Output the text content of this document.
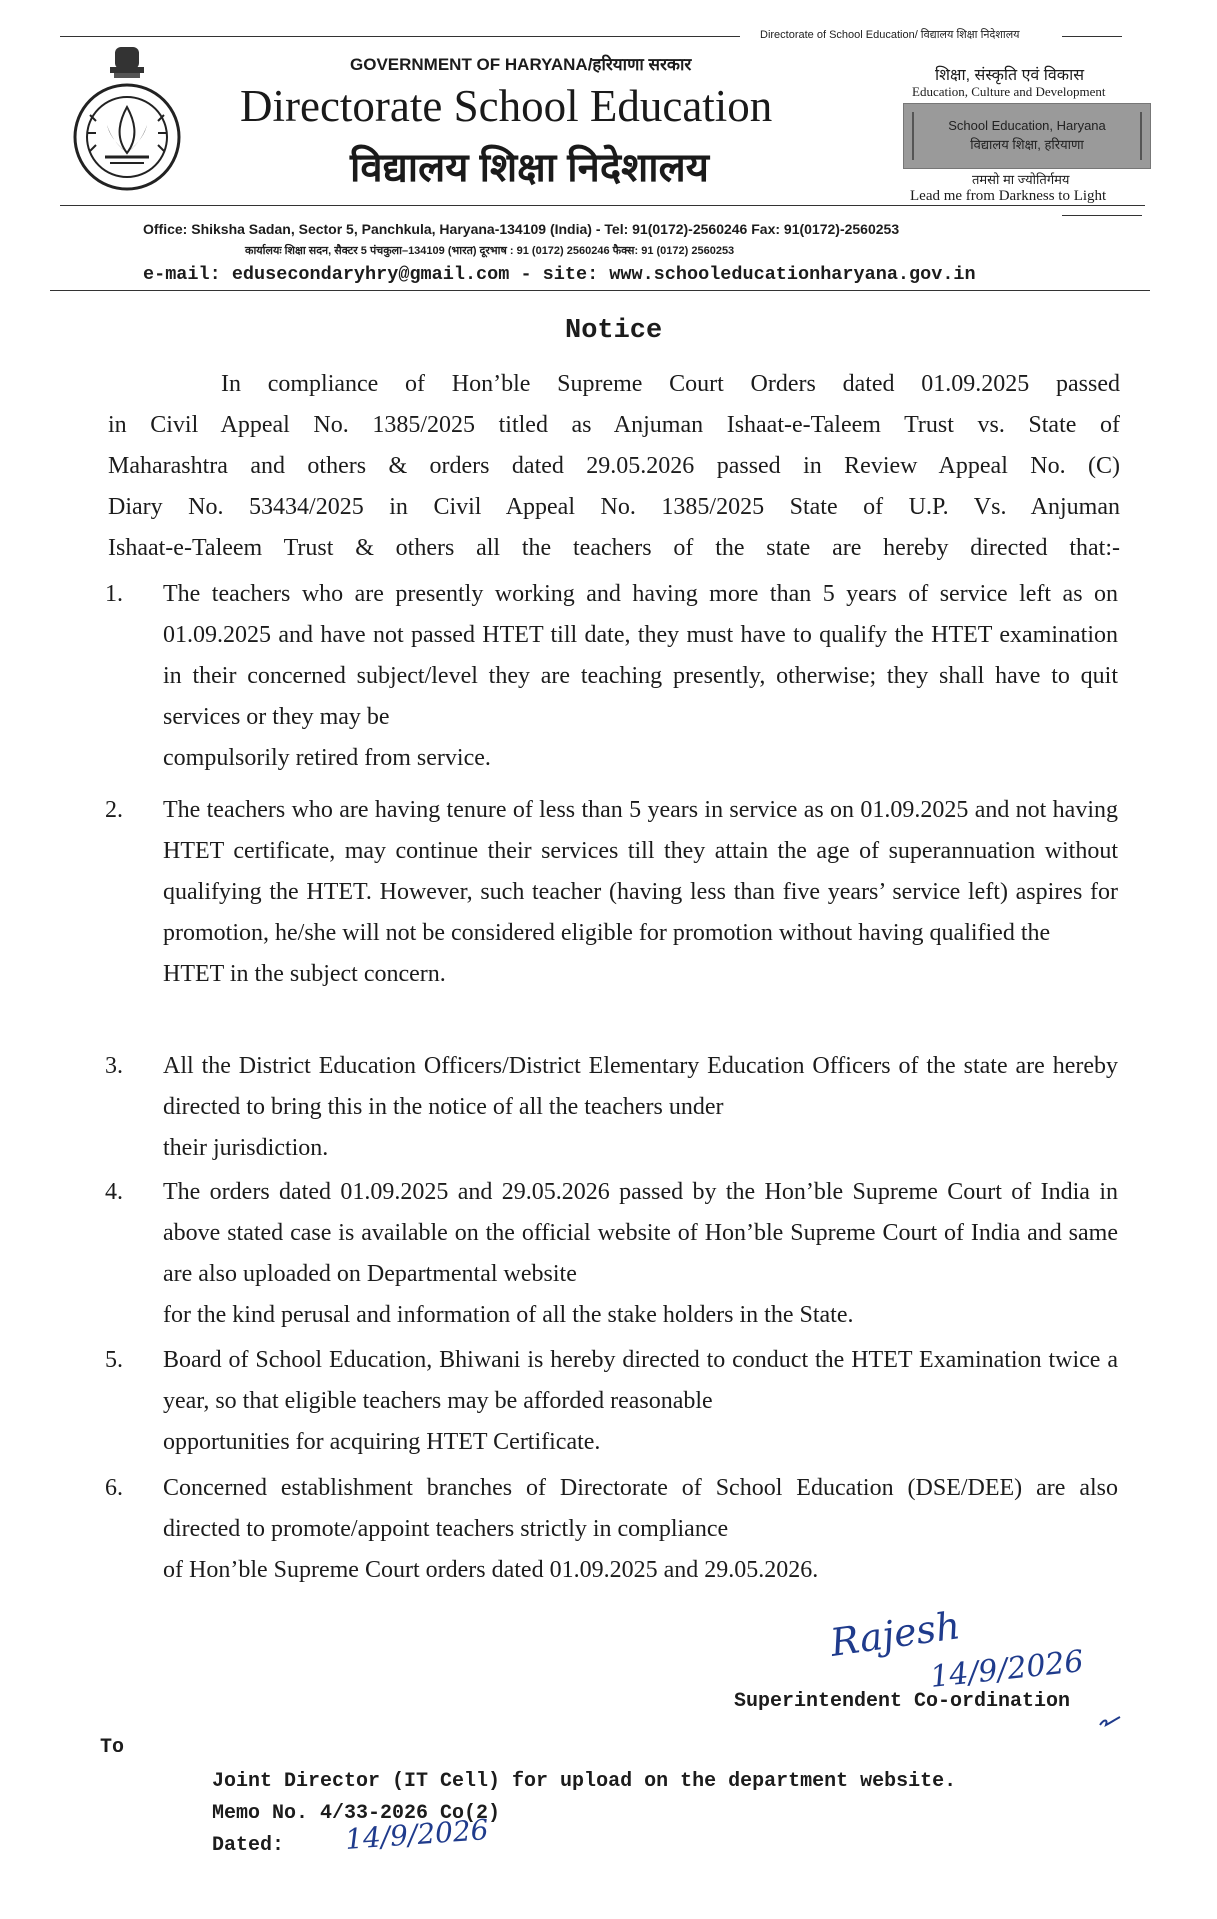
Directorate of School Education/ विद्यालय शिक्षा निदेशालय
GOVERNMENT OF HARYANA/हरियाणा सरकार
Directorate School Education
विद्यालय शिक्षा निदेशालय
शिक्षा, संस्कृति एवं विकास
Education, Culture and Development
School Education, Haryana
विद्यालय शिक्षा, हरियाणा
तमसो मा ज्योतिर्गमय
Lead me from Darkness to Light
Office: Shiksha Sadan, Sector 5, Panchkula, Haryana-134109 (India) - Tel: 91(0172)-2560246 Fax: 91(0172)-2560253
कार्यालयः शिक्षा सदन, सैक्टर 5 पंचकुला–134109 (भारत) दूरभाष : 91 (0172) 2560246 फैक्स: 91 (0172) 2560253
e-mail: edusecondaryhry@gmail.com - site: www.schooleducationharyana.gov.in
Notice
In compliance of Hon’ble Supreme Court Orders dated 01.09.2025 passed
in Civil Appeal No. 1385/2025 titled as Anjuman Ishaat-e-Taleem Trust vs. State of
Maharashtra and others & orders dated 29.05.2026 passed in Review Appeal No. (C)
Diary No. 53434/2025 in Civil Appeal No. 1385/2025 State of U.P. Vs. Anjuman
Ishaat-e-Taleem Trust & others all the teachers of the state are hereby directed that:-
1. The teachers who are presently working and having more than 5 years of service left as on 01.09.2025 and have not passed HTET till date, they must have to qualify the HTET examination in their concerned subject/level they are teaching presently, otherwise; they shall have to quit services or they may be
compulsorily retired from service.
2. The teachers who are having tenure of less than 5 years in service as on 01.09.2025 and not having HTET certificate, may continue their services till they attain the age of superannuation without qualifying the HTET. However, such teacher (having less than five years’ service left) aspires for promotion, he/she will not be considered eligible for promotion without having qualified the
HTET in the subject concern.
3. All the District Education Officers/District Elementary Education Officers of the state are hereby directed to bring this in the notice of all the teachers under
their jurisdiction.
4. The orders dated 01.09.2025 and 29.05.2026 passed by the Hon’ble Supreme Court of India in above stated case is available on the official website of Hon’ble Supreme Court of India and same are also uploaded on Departmental website
for the kind perusal and information of all the stake holders in the State.
5. Board of School Education, Bhiwani is hereby directed to conduct the HTET Examination twice a year, so that eligible teachers may be afforded reasonable
opportunities for acquiring HTET Certificate.
6. Concerned establishment branches of Directorate of School Education (DSE/DEE) are also directed to promote/appoint teachers strictly in compliance
of Hon’ble Supreme Court orders dated 01.09.2025 and 29.05.2026.
Rajesh
14/9/2026
Superintendent Co-ordination
To
Joint Director (IT Cell) for upload on the department website.
Memo No. 4/33-2026 Co(2)
Dated: 14/9/2026
